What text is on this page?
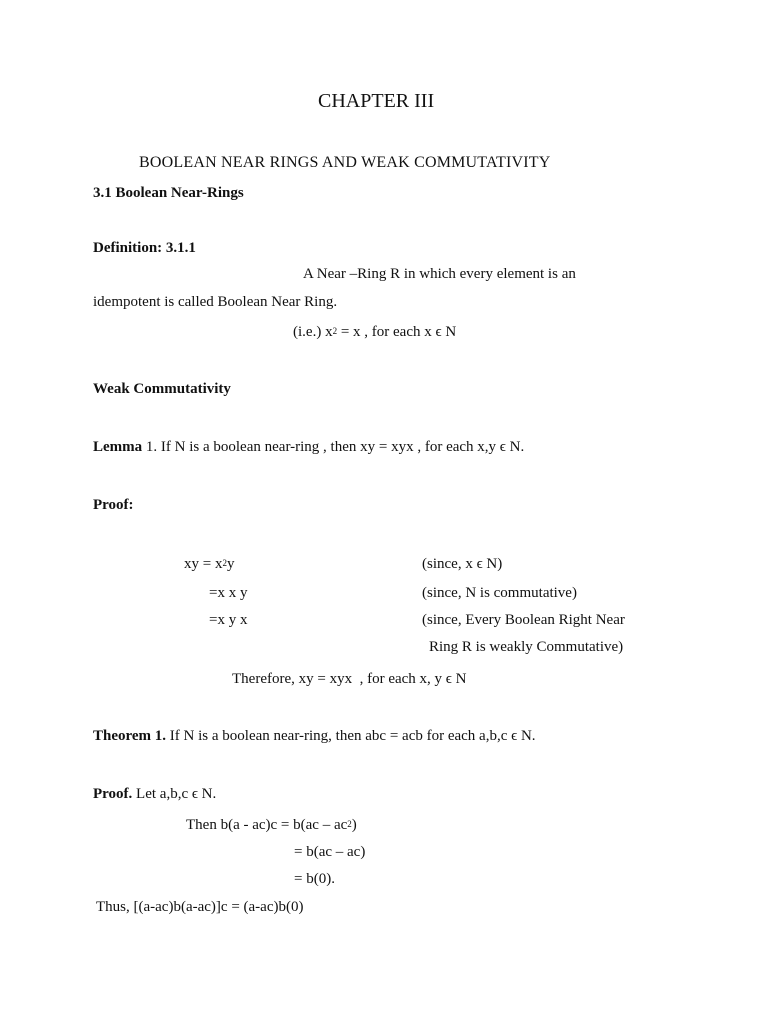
CHAPTER III
BOOLEAN NEAR RINGS AND WEAK COMMUTATIVITY
3.1 Boolean Near-Rings
Definition: 3.1.1
A Near –Ring R in which every element is an
idempotent is called Boolean Near Ring.
(i.e.) $x^2 = x$ , for each x ϵ N
Weak Commutativity
Lemma 1. If N is a boolean near-ring , then xy = xyx , for each x,y ϵ N.
Proof:
xy = $x^2y$	(since, x ϵ N)
=x x y	(since, N is commutative)
=x y x	(since, Every Boolean Right Near
Ring R is weakly Commutative)
Therefore, xy = xyx  , for each x, y ϵ N
Theorem 1. If N is a boolean near-ring, then abc = acb for each a,b,c ϵ N.
Proof. Let a,b,c ϵ N.
Then $b(a - ac)c = b(ac - ac^2)$
= b(ac – ac)
= b(0).
Thus, [(a-ac)b(a-ac)]c = (a-ac)b(0)
